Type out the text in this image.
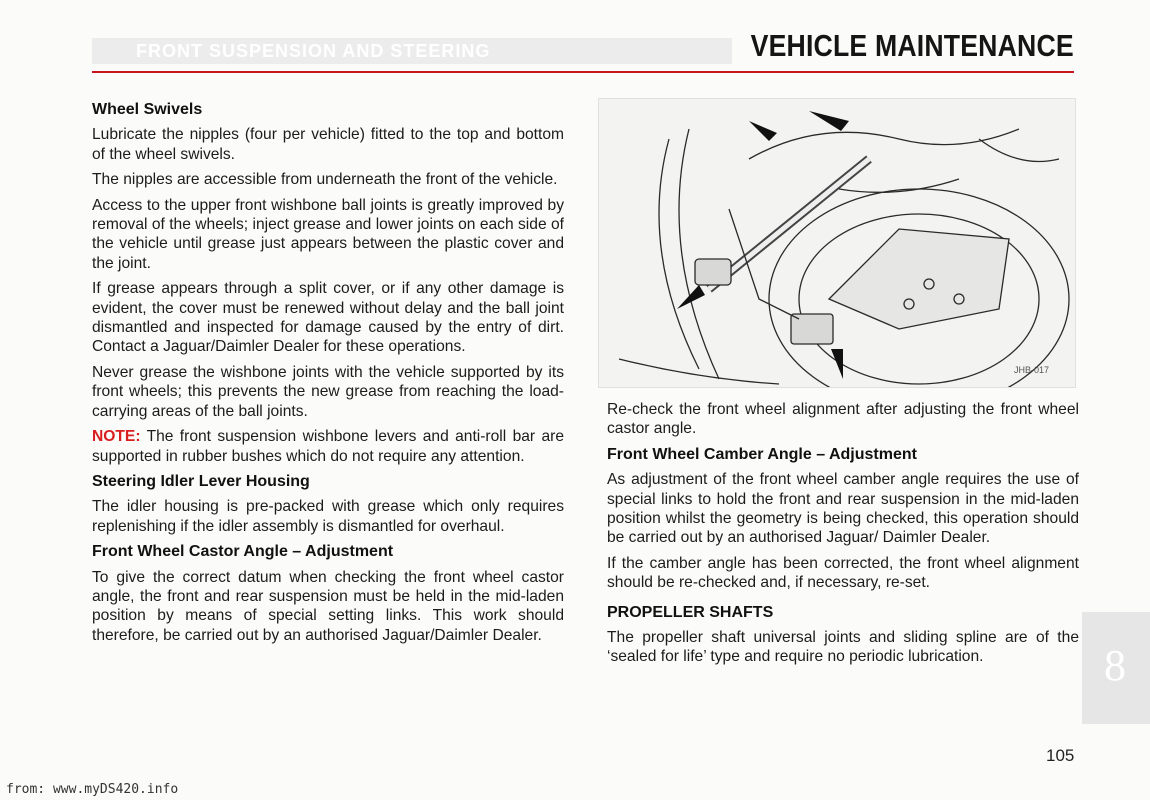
FRONT SUSPENSION AND STEERING	VEHICLE MAINTENANCE
Wheel Swivels

Lubricate the nipples (four per vehicle) fitted to the top and bottom of the wheel swivels.

The nipples are accessible from underneath the front of the vehicle.

Access to the upper front wishbone ball joints is greatly improved by removal of the wheels; inject grease and lower joints on each side of the vehicle until grease just appears between the plastic cover and the joint.

If grease appears through a split cover, or if any other damage is evident, the cover must be renewed without delay and the ball joint dismantled and inspected for damage caused by the entry of dirt. Contact a Jaguar/Daimler Dealer for these operations.

Never grease the wishbone joints with the vehicle supported by its front wheels; this prevents the new grease from reaching the load-carrying areas of the ball joints.

NOTE: The front suspension wishbone levers and anti-roll bar are supported in rubber bushes which do not require any attention.

Steering Idler Lever Housing

The idler housing is pre-packed with grease which only requires replenishing if the idler assembly is dismantled for overhaul.

Front Wheel Castor Angle – Adjustment

To give the correct datum when checking the front wheel castor angle, the front and rear suspension must be held in the mid-laden position by means of special setting links. This work should therefore, be carried out by an authorised Jaguar/Daimler Dealer.

JHB-017

Re-check the front wheel alignment after adjusting the front wheel castor angle.

Front Wheel Camber Angle – Adjustment

As adjustment of the front wheel camber angle requires the use of special links to hold the front and rear suspension in the mid-laden position whilst the geometry is being checked, this operation should be carried out by an authorised Jaguar/ Daimler Dealer.

If the camber angle has been corrected, the front wheel alignment should be re-checked and, if necessary, re-set.

PROPELLER SHAFTS

The propeller shaft universal joints and sliding spline are of the ‘sealed for life’ type and require no periodic lubrication.	8
105
from: www.myDS420.info
